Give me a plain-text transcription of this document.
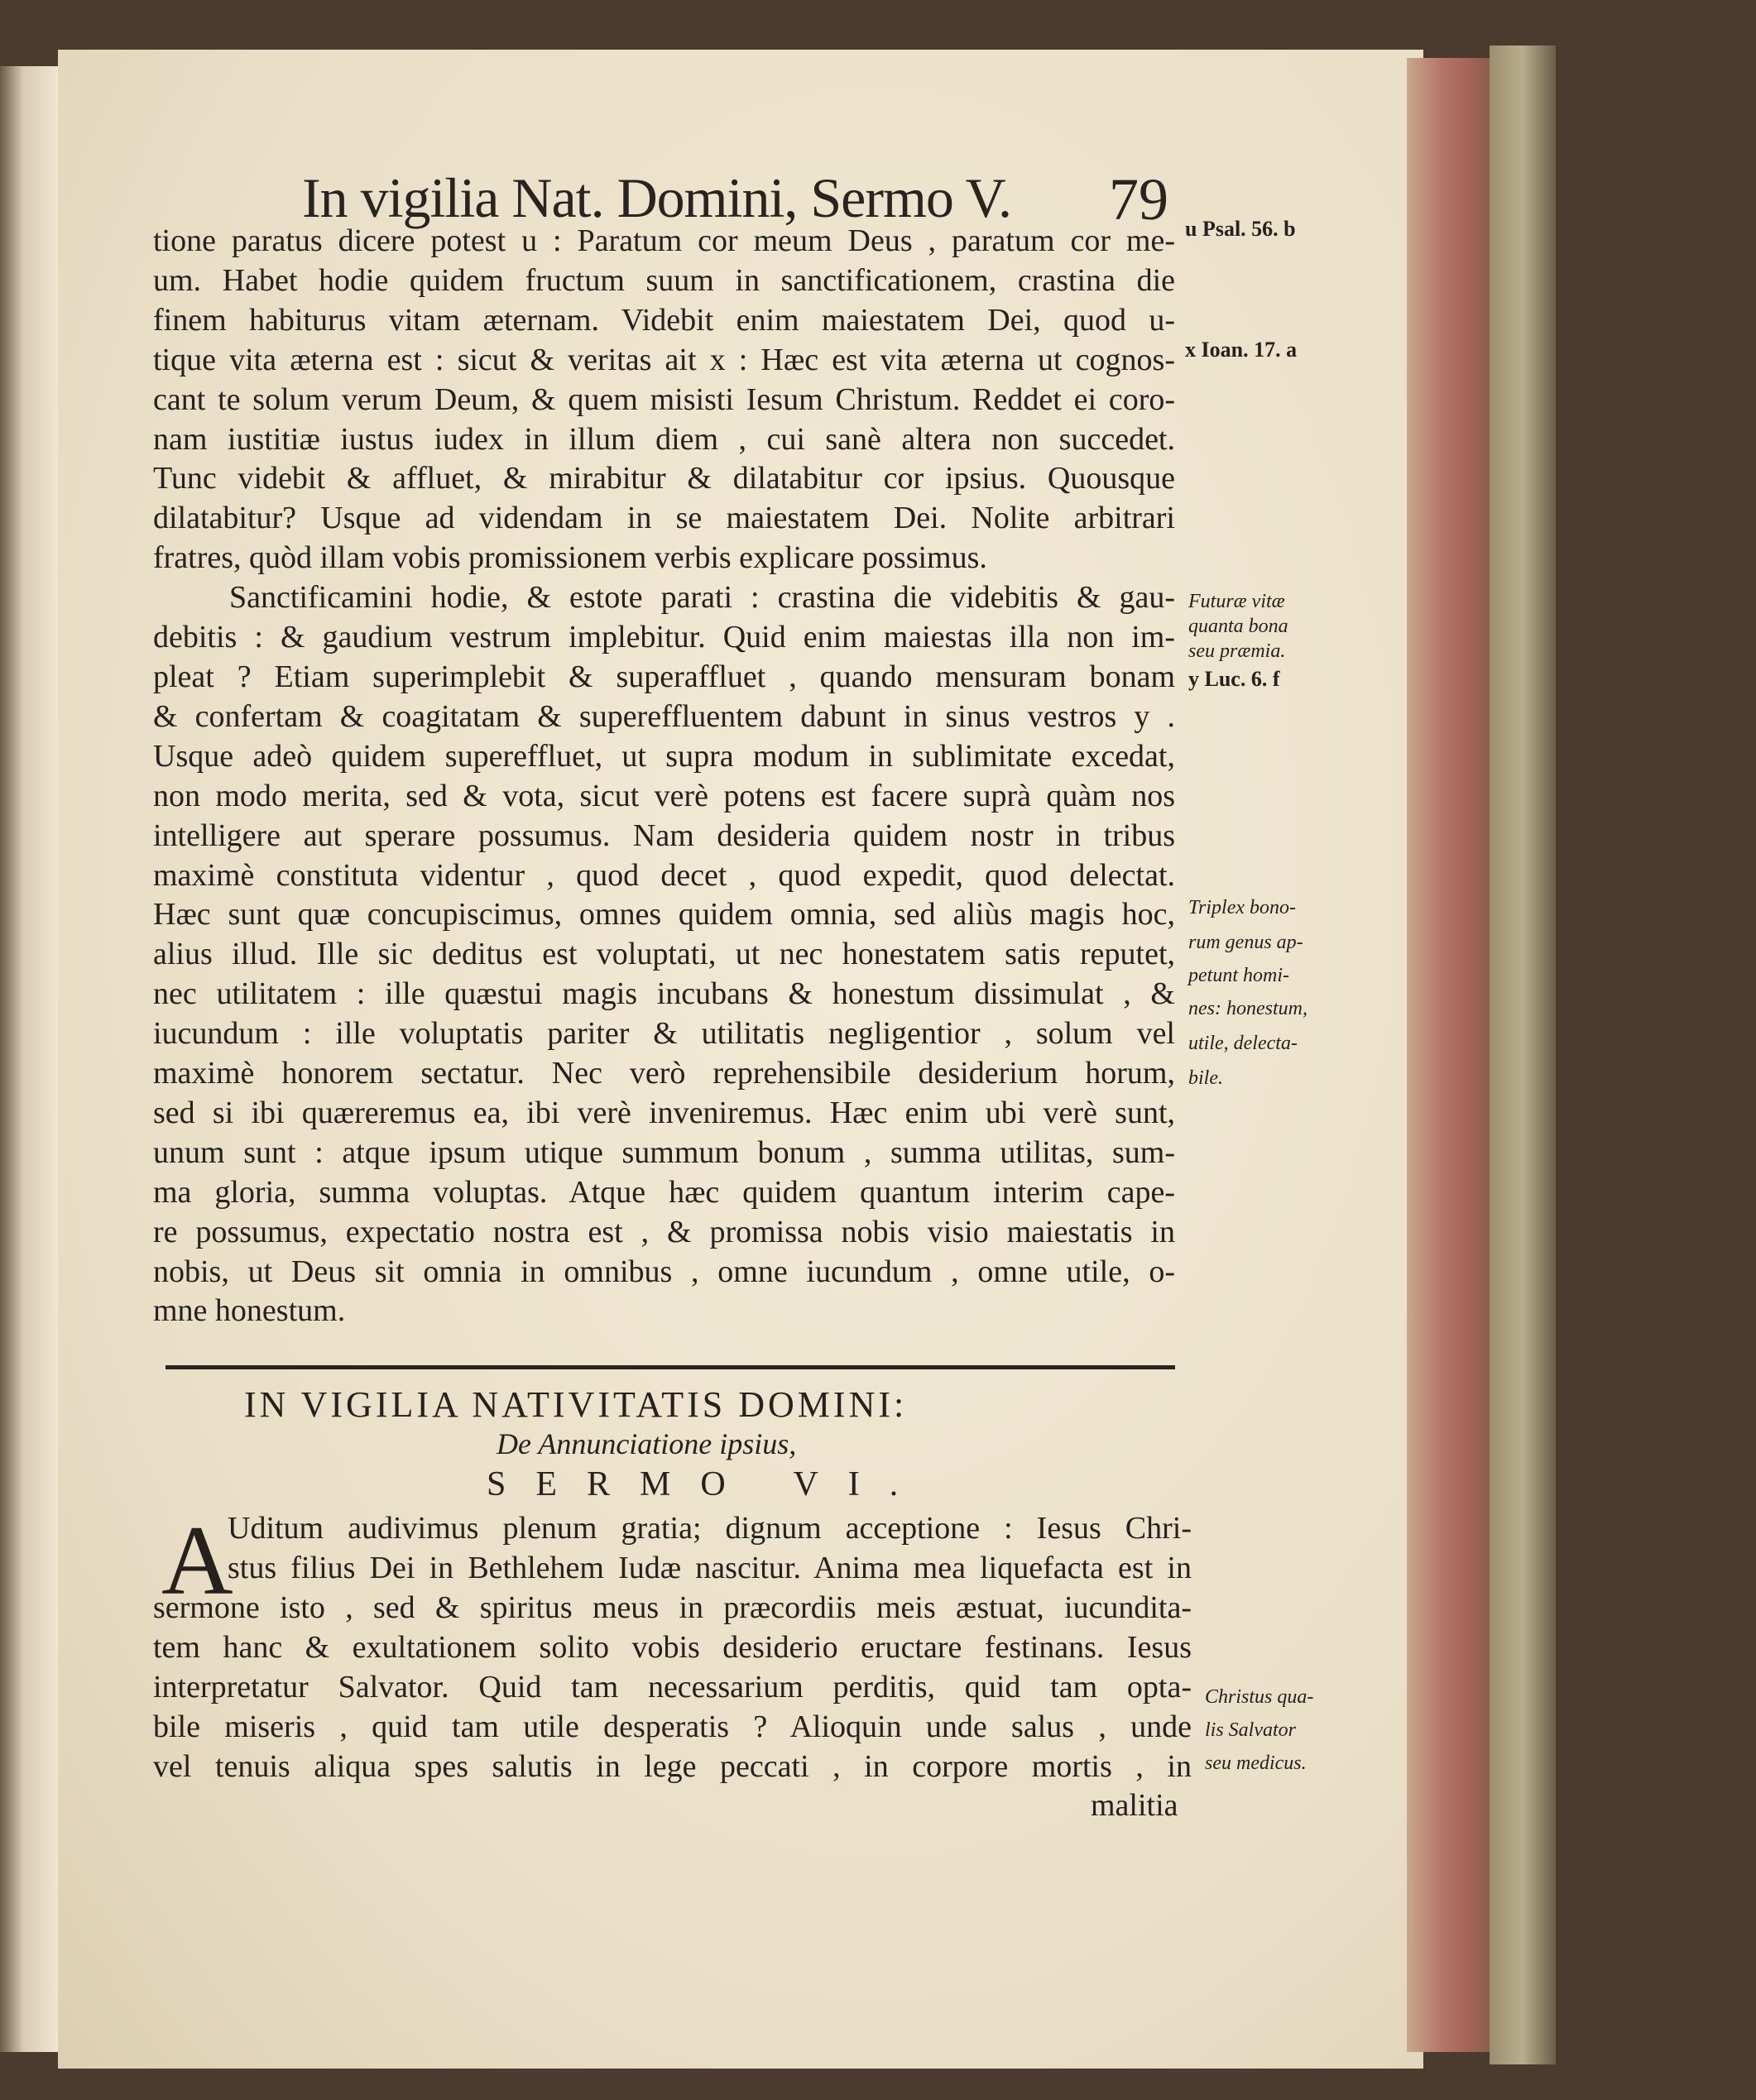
In vigilia Nat. Domini, Sermo V. 79
tione paratus dicere potest u : Paratum cor meum Deus , paratum cor me-
um. Habet hodie quidem fructum suum in sanctificationem, crastina die
finem habiturus vitam æternam. Videbit enim maiestatem Dei, quod u-
tique vita æterna est : sicut & veritas ait x : Hæc est vita æterna ut cognos-
cant te solum verum Deum, & quem misisti Iesum Christum. Reddet ei coro-
nam iustitiæ iustus iudex in illum diem , cui sanè altera non succedet.
Tunc videbit & affluet, & mirabitur & dilatabitur cor ipsius. Quousque
dilatabitur? Usque ad videndam in se maiestatem Dei. Nolite arbitrari
fratres, quòd illam vobis promissionem verbis explicare possimus.
Sanctificamini hodie, & estote parati : crastina die videbitis & gau-
debitis : & gaudium vestrum implebitur. Quid enim maiestas illa non im-
pleat ? Etiam superimplebit & superaffluet , quando mensuram bonam
& confertam & coagitatam & supereffluentem dabunt in sinus vestros y .
Usque adeò quidem supereffluet, ut supra modum in sublimitate excedat,
non modo merita, sed & vota, sicut verè potens est facere suprà quàm nos
intelligere aut sperare possumus. Nam desideria quidem nostr in tribus
maximè constituta videntur , quod decet , quod expedit, quod delectat.
Hæc sunt quæ concupiscimus, omnes quidem omnia, sed aliùs magis hoc,
alius illud. Ille sic deditus est voluptati, ut nec honestatem satis reputet,
nec utilitatem : ille quæstui magis incubans & honestum dissimulat , &
iucundum : ille voluptatis pariter & utilitatis negligentior , solum vel
maximè honorem sectatur. Nec verò reprehensibile desiderium horum,
sed si ibi quæreremus ea, ibi verè inveniremus. Hæc enim ubi verè sunt,
unum sunt : atque ipsum utique summum bonum , summa utilitas, sum-
ma gloria, summa voluptas. Atque hæc quidem quantum interim cape-
re possumus, expectatio nostra est , & promissa nobis visio maiestatis in
nobis, ut Deus sit omnia in omnibus , omne iucundum , omne utile, o-
mne honestum.
u Psal. 56. b
x Ioan. 17. a
Futuræ vitæ
quanta bona
seu præmia.
y Luc. 6. f
Triplex bono-
rum genus ap-
petunt homi-
nes: honestum,
utile, delecta-
bile.
Christus qua-
lis Salvator
seu medicus.
IN VIGILIA NATIVITATIS DOMINI:
De Annunciatione ipsius,
SERMO VI.
A
Uditum audivimus plenum gratia; dignum acceptione : Iesus Chri-
stus filius Dei in Bethlehem Iudæ nascitur. Anima mea liquefacta est in
sermone isto , sed & spiritus meus in præcordiis meis æstuat, iucundita-
tem hanc & exultationem solito vobis desiderio eructare festinans. Iesus
interpretatur Salvator. Quid tam necessarium perditis, quid tam opta-
bile miseris , quid tam utile desperatis ? Alioquin unde salus , unde
vel tenuis aliqua spes salutis in lege peccati , in corpore mortis , in
malitia
